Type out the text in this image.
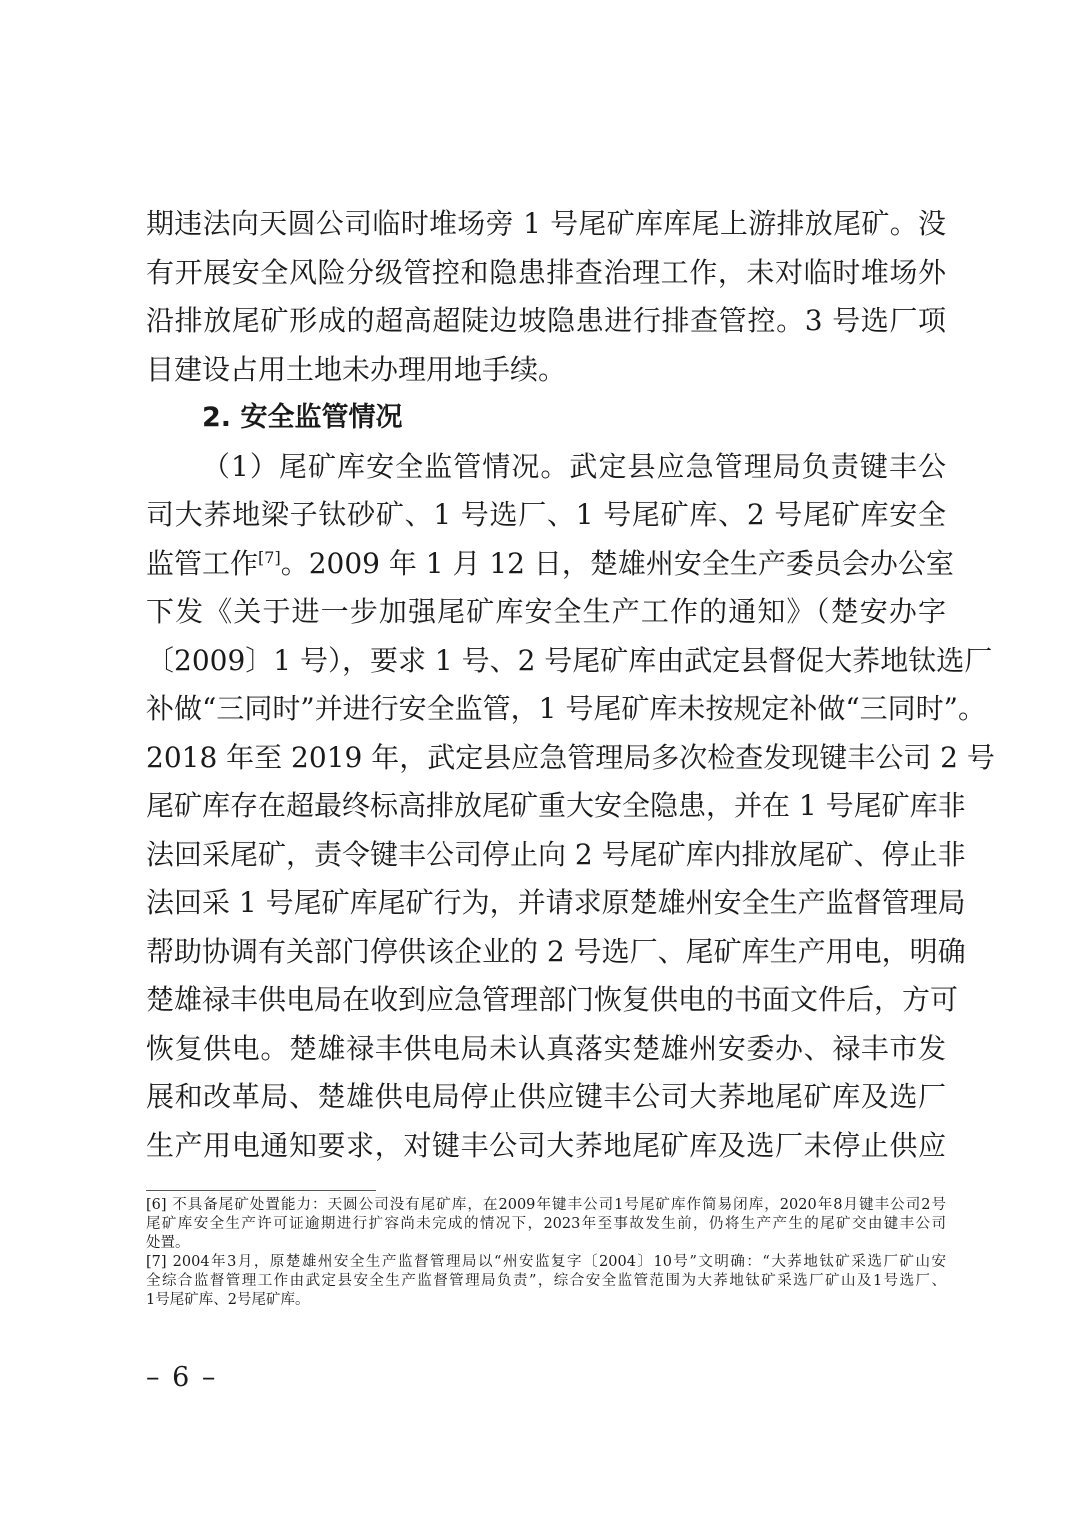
期违法向天圆公司临时堆场旁 1 号尾矿库库尾上游排放尾矿。没
有开展安全风险分级管控和隐患排查治理工作，未对临时堆场外
沿排放尾矿形成的超高超陡边坡隐患进行排查管控。3 号选厂项
目建设占用土地未办理用地手续。
2. 安全监管情况
（1）尾矿库安全监管情况。武定县应急管理局负责键丰公
司大荞地梁子钛砂矿、1 号选厂、1 号尾矿库、2 号尾矿库安全
监管工作[7]。2009 年 1 月 12 日，楚雄州安全生产委员会办公室
下发《关于进一步加强尾矿库安全生产工作的通知》（楚安办字
〔2009〕1 号），要求 1 号、2 号尾矿库由武定县督促大荞地钛选厂
补做“三同时”并进行安全监管，1 号尾矿库未按规定补做“三同时”。
2018 年至 2019 年，武定县应急管理局多次检查发现键丰公司 2 号
尾矿库存在超最终标高排放尾矿重大安全隐患，并在 1 号尾矿库非
法回采尾矿，责令键丰公司停止向 2 号尾矿库内排放尾矿、停止非
法回采 1 号尾矿库尾矿行为，并请求原楚雄州安全生产监督管理局
帮助协调有关部门停供该企业的 2 号选厂、尾矿库生产用电，明确
楚雄禄丰供电局在收到应急管理部门恢复供电的书面文件后，方可
恢复供电。楚雄禄丰供电局未认真落实楚雄州安委办、禄丰市发
展和改革局、楚雄供电局停止供应键丰公司大荞地尾矿库及选厂
生产用电通知要求，对键丰公司大荞地尾矿库及选厂未停止供应
[6] 不具备尾矿处置能力：天圆公司没有尾矿库，在2009年键丰公司1号尾矿库作简易闭库，2020年8月键丰公司2号
尾矿库安全生产许可证逾期进行扩容尚未完成的情况下，2023年至事故发生前，仍将生产产生的尾矿交由键丰公司
处置。
[7] 2004年3月，原楚雄州安全生产监督管理局以“州安监复字〔2004〕10号”文明确：“大荞地钛矿采选厂矿山安
全综合监督管理工作由武定县安全生产监督管理局负责”，综合安全监管范围为大荞地钛矿采选厂矿山及1号选厂、
1号尾矿库、2号尾矿库。
– 6 –
